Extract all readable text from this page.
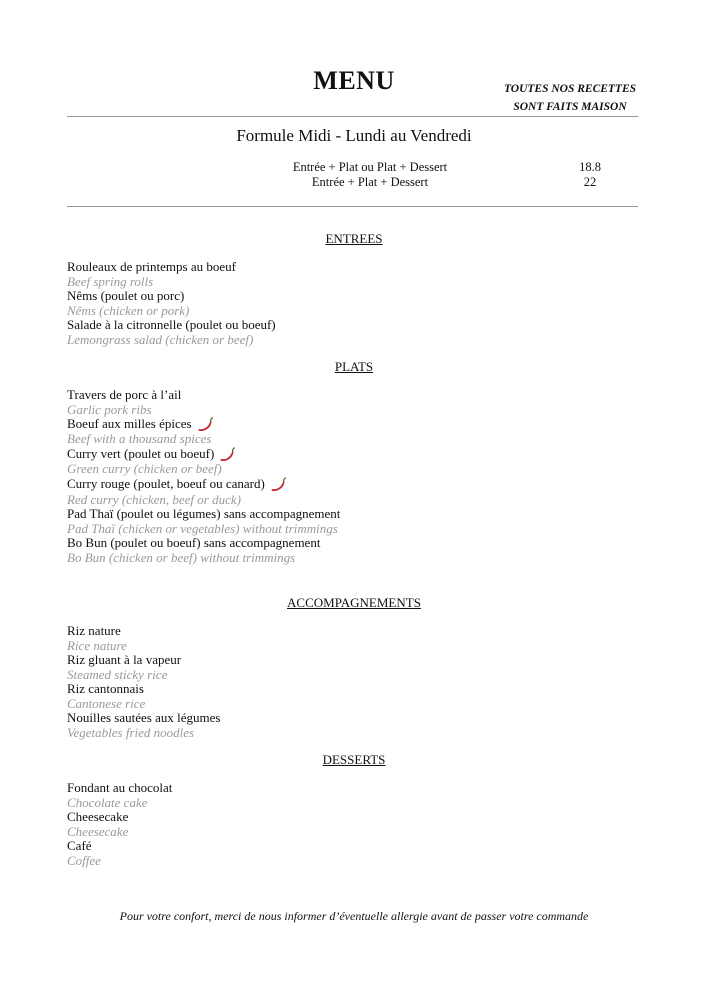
MENU	TOUTES NOS RECETTES
SONT FAITS MAISON
Formule Midi - Lundi au Vendredi
Entrée + Plat ou Plat + Dessert	18.8
Entrée + Plat + Dessert	22
ENTREES
Rouleaux de printemps au boeuf
Beef spring rolls
Nêms (poulet ou porc)
Nêms (chicken or pork)
Salade à la citronnelle (poulet ou boeuf)
Lemongrass salad (chicken or beef)
PLATS
Travers de porc à l’ail
Garlic pork ribs
Boeuf aux milles épices
Beef with a thousand spices
Curry vert (poulet ou boeuf)
Green curry (chicken or beef)
Curry rouge (poulet, boeuf ou canard)
Red curry (chicken, beef or duck)
Pad Thaï (poulet ou légumes) sans accompagnement
Pad Thaï (chicken or vegetables) without trimmings
Bo Bun (poulet ou boeuf) sans accompagnement
Bo Bun (chicken or beef) without trimmings
ACCOMPAGNEMENTS
Riz nature
Rice nature
Riz gluant à la vapeur
Steamed sticky rice
Riz cantonnais
Cantonese rice
Nouilles sautées aux légumes
Vegetables fried noodles
DESSERTS
Fondant au chocolat
Chocolate cake
Cheesecake
Cheesecake
Café
Coffee
Pour votre confort, merci de nous informer d’éventuelle allergie avant de passer votre commande
